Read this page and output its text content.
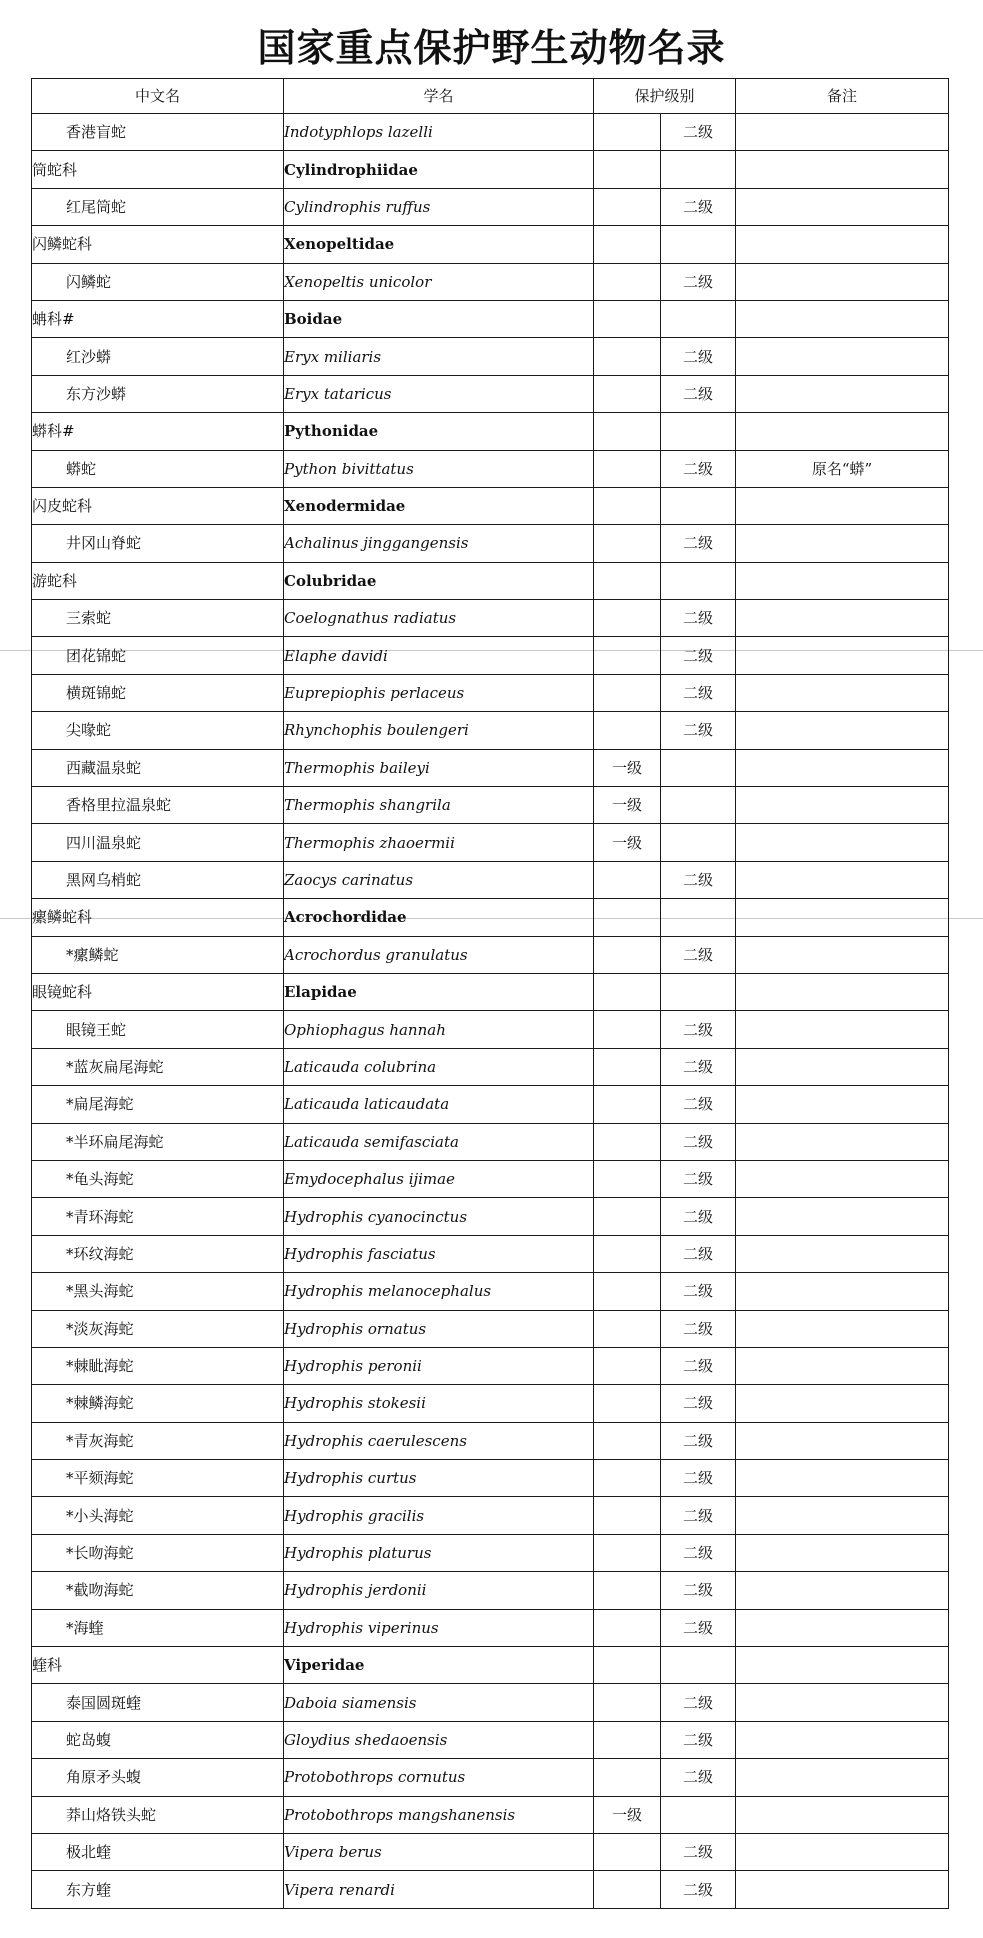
国家重点保护野生动物名录
中文名	学名	保护级别		备注
香港盲蛇	Indotyphlops lazelli		二级	
筒蛇科	Cylindrophiidae			
红尾筒蛇	Cylindrophis ruffus		二级	
闪鳞蛇科	Xenopeltidae			
闪鳞蛇	Xenopeltis unicolor		二级	
蚺科#	Boidae			
红沙蟒	Eryx miliaris		二级	
东方沙蟒	Eryx tataricus		二级	
蟒科#	Pythonidae			
蟒蛇	Python bivittatus		二级	原名“蟒”
闪皮蛇科	Xenodermidae			
井冈山脊蛇	Achalinus jinggangensis		二级	
游蛇科	Colubridae			
三索蛇	Coelognathus radiatus		二级	
团花锦蛇	Elaphe davidi		二级	
横斑锦蛇	Euprepiophis perlaceus		二级	
尖喙蛇	Rhynchophis boulengeri		二级	
西藏温泉蛇	Thermophis baileyi	一级		
香格里拉温泉蛇	Thermophis shangrila	一级		
四川温泉蛇	Thermophis zhaoermii	一级		
黑网乌梢蛇	Zaocys carinatus		二级	
瘰鳞蛇科	Acrochordidae			
*瘰鳞蛇	Acrochordus granulatus		二级	
眼镜蛇科	Elapidae			
眼镜王蛇	Ophiophagus hannah		二级	
*蓝灰扁尾海蛇	Laticauda colubrina		二级	
*扁尾海蛇	Laticauda laticaudata		二级	
*半环扁尾海蛇	Laticauda semifasciata		二级	
*龟头海蛇	Emydocephalus ijimae		二级	
*青环海蛇	Hydrophis cyanocinctus		二级	
*环纹海蛇	Hydrophis fasciatus		二级	
*黑头海蛇	Hydrophis melanocephalus		二级	
*淡灰海蛇	Hydrophis ornatus		二级	
*棘眦海蛇	Hydrophis peronii		二级	
*棘鳞海蛇	Hydrophis stokesii		二级	
*青灰海蛇	Hydrophis caerulescens		二级	
*平颏海蛇	Hydrophis curtus		二级	
*小头海蛇	Hydrophis gracilis		二级	
*长吻海蛇	Hydrophis platurus		二级	
*截吻海蛇	Hydrophis jerdonii		二级	
*海蝰	Hydrophis viperinus		二级	
蝰科	Viperidae			
泰国圆斑蝰	Daboia siamensis		二级	
蛇岛蝮	Gloydius shedaoensis		二级	
角原矛头蝮	Protobothrops cornutus		二级	
莽山烙铁头蛇	Protobothrops mangshanensis	一级		
极北蝰	Vipera berus		二级	
东方蝰	Vipera renardi		二级	
